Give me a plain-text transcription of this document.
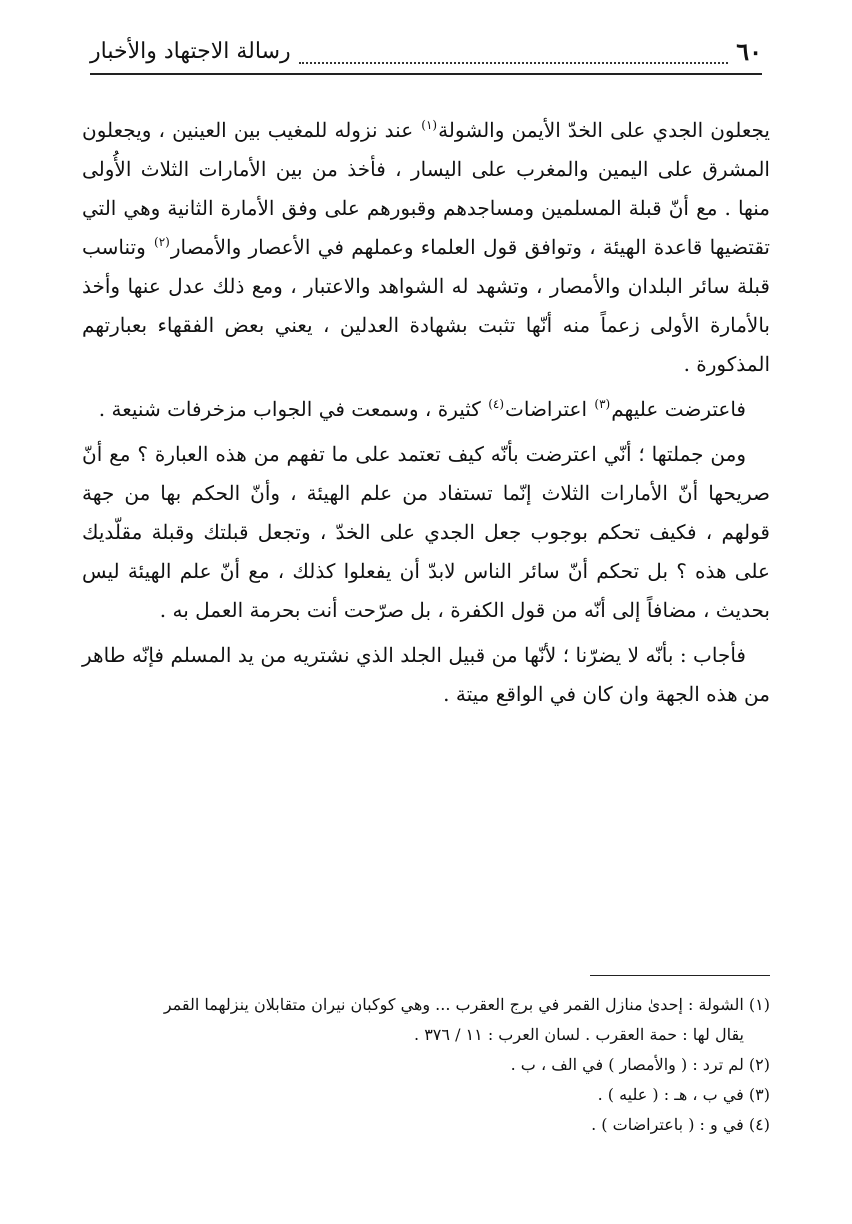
٦٠
رسالة الاجتهاد والأخبار

يجعلون الجدي على الخدّ الأيمن والشولة$^{(١)}$ عند نزوله للمغيب بين العينين ، ويجعلون المشرق على اليمين والمغرب على اليسار ، فأخذ من بين الأمارات الثلاث الأُولى منها . مع أنّ قبلة المسلمين ومساجدهم وقبورهم على وفق الأمارة الثانية وهي التي تقتضيها قاعدة الهيئة ، وتوافق قول العلماء وعملهم في الأعصار والأمصار$^{(٢)}$ وتناسب قبلة سائر البلدان والأمصار ، وتشهد له الشواهد والاعتبار ، ومع ذلك عدل عنها وأخذ بالأمارة الأولى زعماً منه أنّها تثبت بشهادة العدلين ، يعني بعض الفقهاء بعبارتهم المذكورة .

فاعترضت عليهم$^{(٣)}$ اعتراضات$^{(٤)}$ كثيرة ، وسمعت في الجواب مزخرفات شنيعة .

ومن جملتها ؛ أنّي اعترضت بأنّه كيف تعتمد على ما تفهم من هذه العبارة ؟ مع أنّ صريحها أنّ الأمارات الثلاث إنّما تستفاد من علم الهيئة ، وأنّ الحكم بها من جهة قولهم ، فكيف تحكم بوجوب جعل الجدي على الخدّ ، وتجعل قبلتك وقبلة مقلّديك على هذه ؟ بل تحكم أنّ سائر الناس لابدّ أن يفعلوا كذلك ، مع أنّ علم الهيئة ليس بحديث ، مضافاً إلى أنّه من قول الكفرة ، بل صرّحت أنت بحرمة العمل به .

فأجاب : بأنّه لا يضرّنا ؛ لأنّها من قبيل الجلد الذي نشتريه من يد المسلم فإنّه طاهر من هذه الجهة وان كان في الواقع ميتة .

(١) الشولة : إحدىٰ منازل القمر في برج العقرب ... وهي كوكبان نيران متقابلان ينزلهما القمر
يقال لها : حمة العقرب . لسان العرب : ١١ / ٣٧٦ .

(٢) لم ترد : ( والأمصار ) في الف ، ب .

(٣) في ب ، هـ : ( عليه ) .

(٤) في و : ( باعتراضات ) .
